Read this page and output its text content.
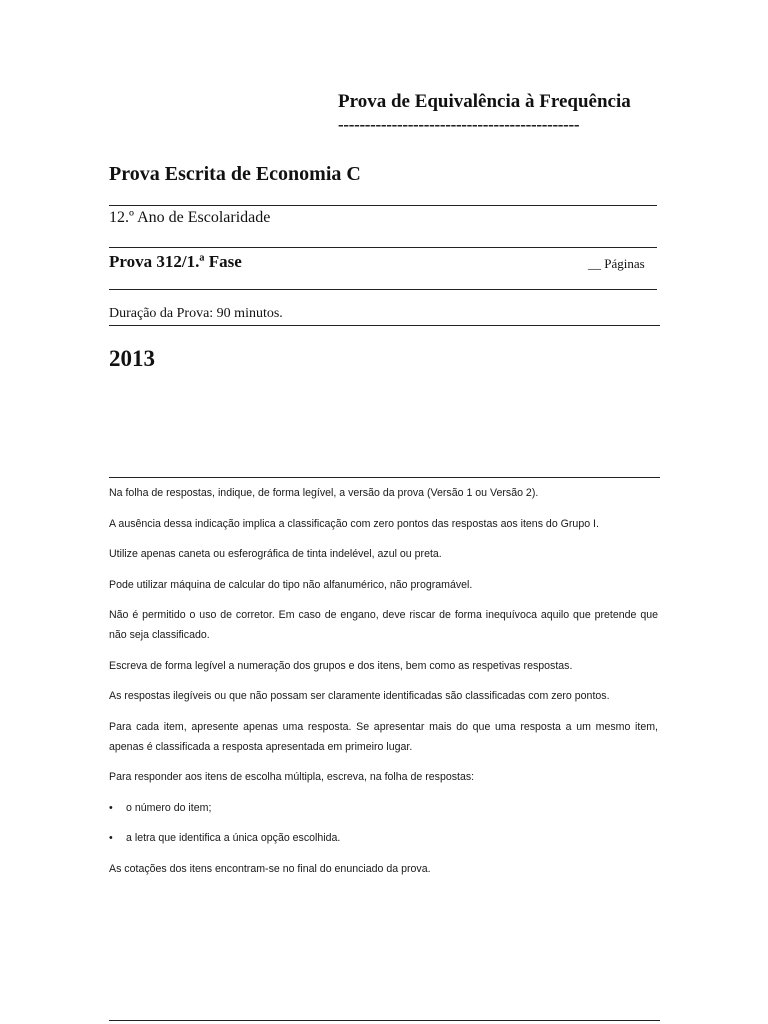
Prova de Equivalência à Frequência
---------------------------------------------
Prova Escrita de Economia C
12.º Ano de Escolaridade
Prova 312/1.ª Fase	__ Páginas
Duração da Prova: 90 minutos.
2013

Na folha de respostas, indique, de forma legível, a versão da prova (Versão 1 ou Versão 2).

A ausência dessa indicação implica a classificação com zero pontos das respostas aos itens do Grupo I.

Utilize apenas caneta ou esferográfica de tinta indelével, azul ou preta.

Pode utilizar máquina de calcular do tipo não alfanumérico, não programável.

Não é permitido o uso de corretor. Em caso de engano, deve riscar de forma inequívoca aquilo que pretende que não seja classificado.

Escreva de forma legível a numeração dos grupos e dos itens, bem como as respetivas respostas.

As respostas ilegíveis ou que não possam ser claramente identificadas são classificadas com zero pontos.

Para cada item, apresente apenas uma resposta. Se apresentar mais do que uma resposta a um mesmo item, apenas é classificada a resposta apresentada em primeiro lugar.

Para responder aos itens de escolha múltipla, escreva, na folha de respostas:

•	o número do item;
•	a letra que identifica a única opção escolhida.

As cotações dos itens encontram-se no final do enunciado da prova.
